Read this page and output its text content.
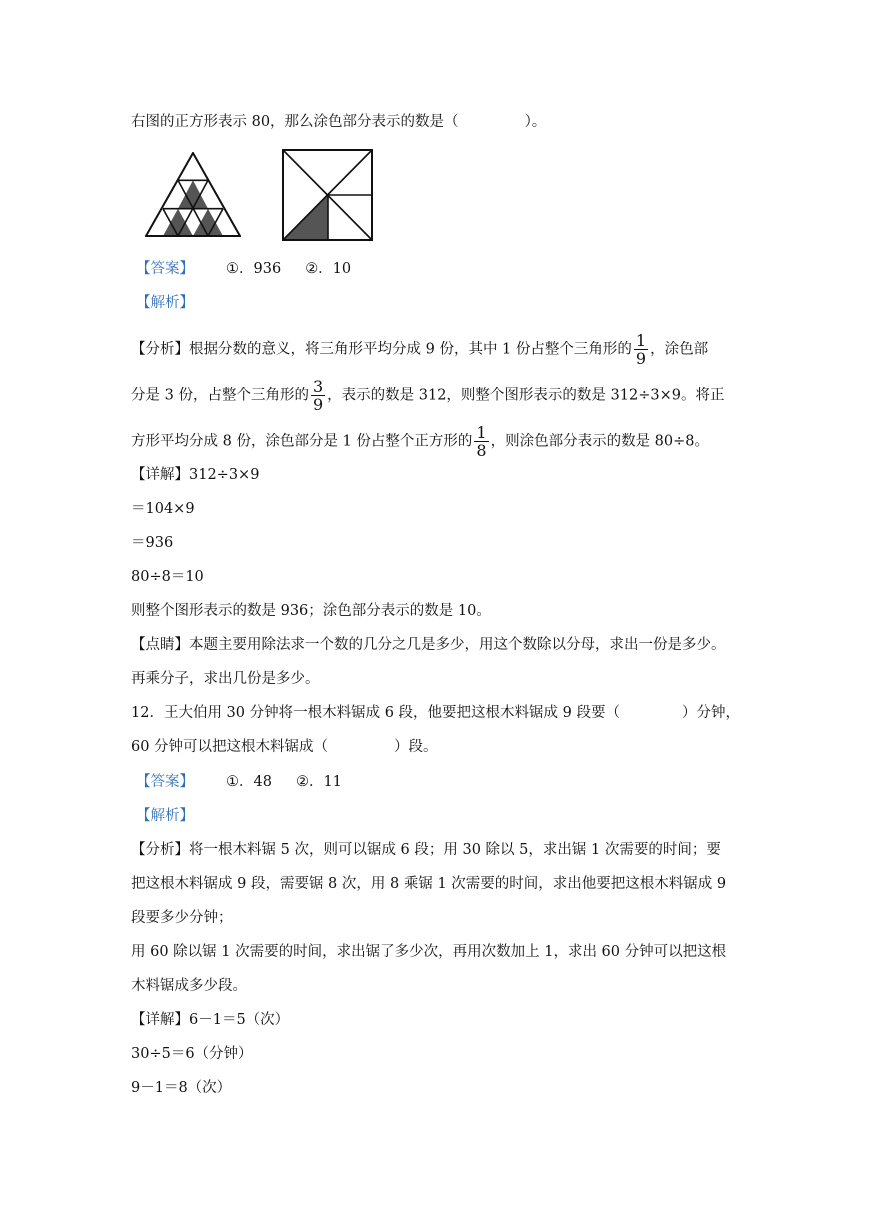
右图的正方形表示 80，那么涂色部分表示的数是（	）。
【答案】 ①．936 ②．10
【解析】
【分析】根据分数的意义，将三角形平均分成 9 份，其中 1 份占整个三角形的 $\frac{1}{9}$ ，涂色部
分是 3 份，占整个三角形的 $\frac{3}{9}$ ，表示的数是 312，则整个图形表示的数是 312÷3×9。将正
方形平均分成 8 份，涂色部分是 1 份占整个正方形的 $\frac{1}{8}$ ，则涂色部分表示的数是 80÷8。
【详解】312÷3×9
＝104×9
＝936
80÷8＝10
则整个图形表示的数是 936；涂色部分表示的数是 10。
【点睛】本题主要用除法求一个数的几分之几是多少，用这个数除以分母，求出一份是多少。
再乘分子，求出几份是多少。
12．王大伯用 30 分钟将一根木料锯成 6 段，他要把这根木料锯成 9 段要（	）分钟，
60 分钟可以把这根木料锯成（	）段。
【答案】 ①．48 ②．11
【解析】
【分析】将一根木料锯 5 次，则可以锯成 6 段；用 30 除以 5，求出锯 1 次需要的时间；要
把这根木料锯成 9 段，需要锯 8 次，用 8 乘锯 1 次需要的时间，求出他要把这根木料锯成 9
段要多少分钟；
用 60 除以锯 1 次需要的时间，求出锯了多少次，再用次数加上 1，求出 60 分钟可以把这根
木料锯成多少段。
【详解】6－1＝5（次）
30÷5＝6（分钟）
9－1＝8（次）
